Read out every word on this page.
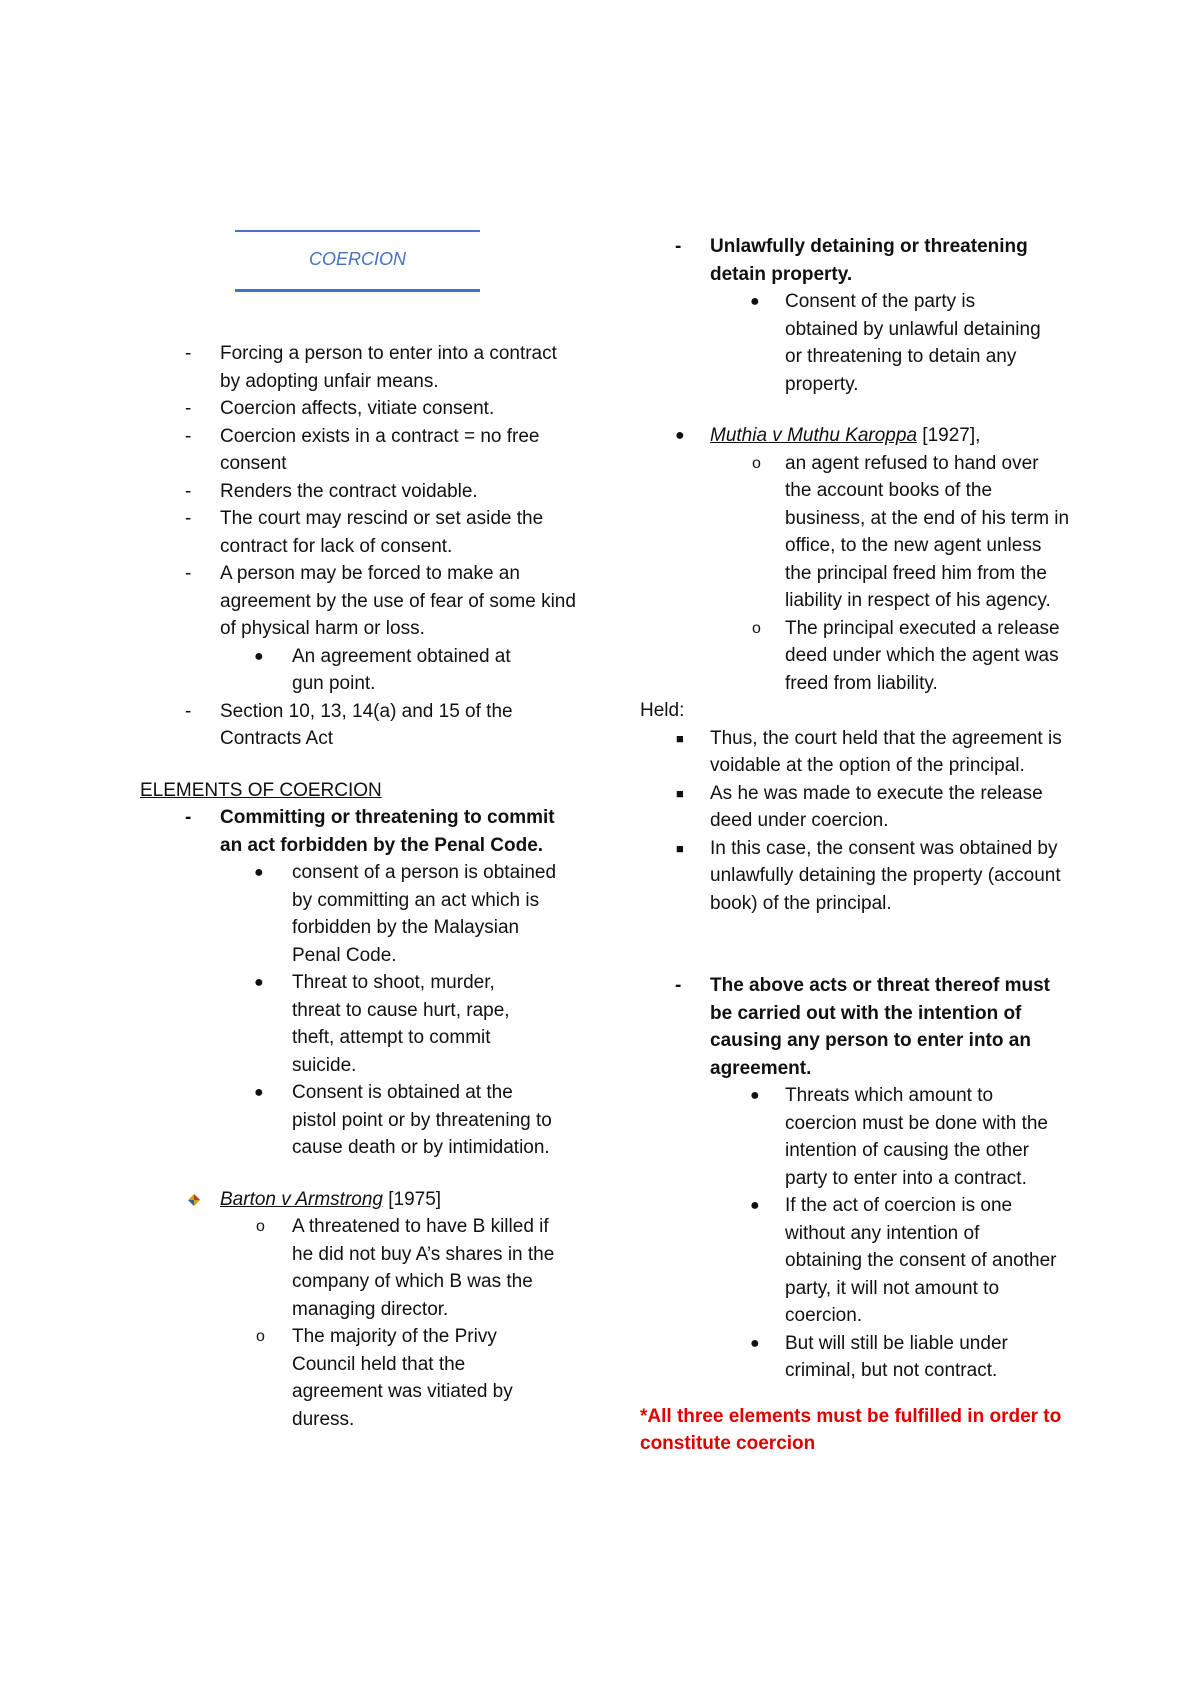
COERCION
- Forcing a person to enter into a contract by adopting unfair means.
- Coercion affects, vitiate consent.
- Coercion exists in a contract = no free consent
- Renders the contract voidable.
- The court may rescind or set aside the contract for lack of consent.
- A person may be forced to make an agreement by the use of fear of some kind of physical harm or loss.
● An agreement obtained at gun point.
- Section 10, 13, 14(a) and 15 of the Contracts Act
ELEMENTS OF COERCION
- Committing or threatening to commit an act forbidden by the Penal Code.
● consent of a person is obtained by committing an act which is forbidden by the Malaysian Penal Code.
● Threat to shoot, murder, threat to cause hurt, rape, theft, attempt to commit suicide.
● Consent is obtained at the pistol point or by threatening to cause death or by intimidation.
Barton v Armstrong [1975]
o A threatened to have B killed if he did not buy A’s shares in the company of which B was the managing director.
o The majority of the Privy Council held that the agreement was vitiated by duress.
- Unlawfully detaining or threatening detain property.
● Consent of the party is obtained by unlawful detaining or threatening to detain any property.
● Muthia v Muthu Karoppa [1927],
o an agent refused to hand over the account books of the business, at the end of his term in office, to the new agent unless the principal freed him from the liability in respect of his agency.
o The principal executed a release deed under which the agent was freed from liability.
Held:
■ Thus, the court held that the agreement is voidable at the option of the principal.
■ As he was made to execute the release deed under coercion.
■ In this case, the consent was obtained by unlawfully detaining the property (account book) of the principal.
- The above acts or threat thereof must be carried out with the intention of causing any person to enter into an agreement.
● Threats which amount to coercion must be done with the intention of causing the other party to enter into a contract.
● If the act of coercion is one without any intention of obtaining the consent of another party, it will not amount to coercion.
● But will still be liable under criminal, but not contract.
*All three elements must be fulfilled in order to constitute coercion
